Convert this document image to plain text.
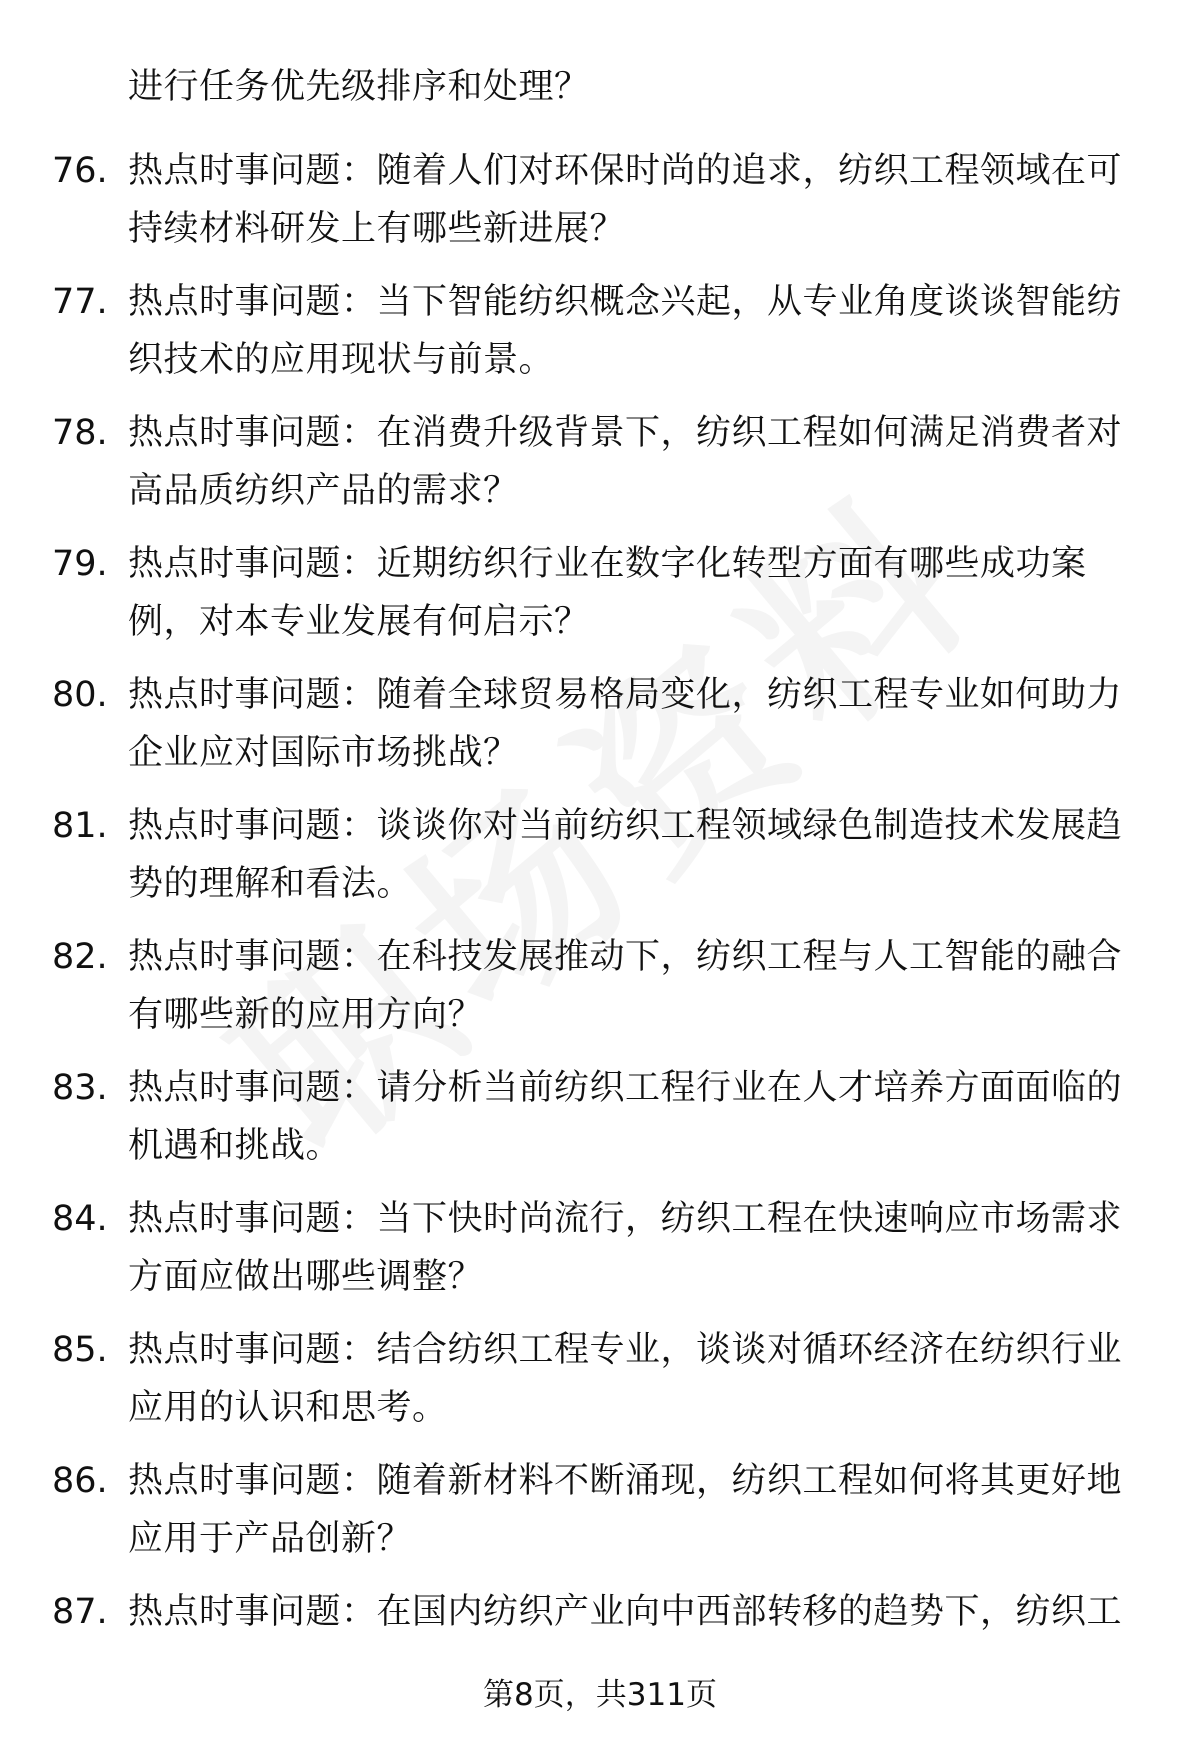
进行任务优先级排序和处理？
76. 热点时事问题：随着人们对环保时尚的追求，纺织工程领域在可
持续材料研发上有哪些新进展？
77. 热点时事问题：当下智能纺织概念兴起，从专业角度谈谈智能纺
织技术的应用现状与前景。
78. 热点时事问题：在消费升级背景下，纺织工程如何满足消费者对
高品质纺织产品的需求？
79. 热点时事问题：近期纺织行业在数字化转型方面有哪些成功案
例，对本专业发展有何启示？
80. 热点时事问题：随着全球贸易格局变化，纺织工程专业如何助力
企业应对国际市场挑战？
81. 热点时事问题：谈谈你对当前纺织工程领域绿色制造技术发展趋
势的理解和看法。
82. 热点时事问题：在科技发展推动下，纺织工程与人工智能的融合
有哪些新的应用方向？
83. 热点时事问题：请分析当前纺织工程行业在人才培养方面面临的
机遇和挑战。
84. 热点时事问题：当下快时尚流行，纺织工程在快速响应市场需求
方面应做出哪些调整？
85. 热点时事问题：结合纺织工程专业，谈谈对循环经济在纺织行业
应用的认识和思考。
86. 热点时事问题：随着新材料不断涌现，纺织工程如何将其更好地
应用于产品创新？
87. 热点时事问题：在国内纺织产业向中西部转移的趋势下，纺织工
第8页，共311页
